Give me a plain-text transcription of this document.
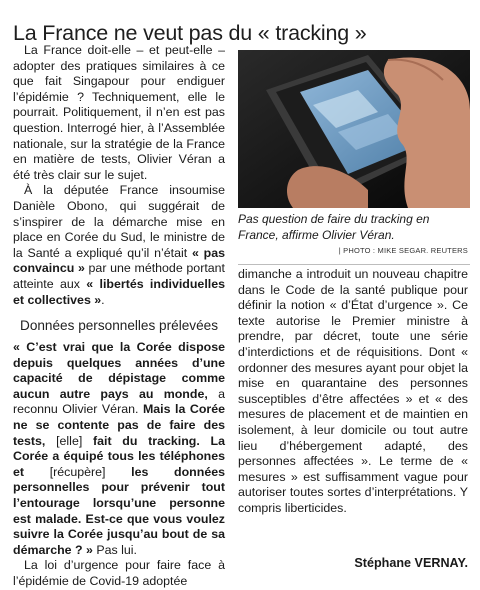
La France ne veut pas du « tracking »

La France doit-elle – et peut-elle – adopter des pratiques similaires à ce que fait Singapour pour endiguer l’épidémie ? Techniquement, elle le pourrait. Politiquement, il n’en est pas question. Interrogé hier, à l’Assemblée nationale, sur la stratégie de la France en matière de tests, Olivier Véran a été très clair sur le sujet.

À la députée France insoumise Danièle Obono, qui suggérait de s’inspirer de la démarche mise en place en Corée du Sud, le ministre de la Santé a expliqué qu’il n’était « pas convaincu » par une méthode portant atteinte aux « libertés individuelles et collectives ».

Données personnelles prélevées

« C’est vrai que la Corée dispose depuis quelques années d’une capacité de dépistage comme aucun autre pays au monde, a reconnu Olivier Véran. Mais la Corée ne se contente pas de faire des tests, [elle] fait du tracking. La Corée a équipé tous les téléphones et [récupère] les données personnelles pour prévenir tout l’entourage lorsqu’une personne est malade. Est-ce que vous voulez suivre la Corée jusqu’au bout de sa démarche ? » Pas lui.

La loi d’urgence pour faire face à l’épidémie de Covid-19 adoptée

Pas question de faire du tracking en France, affirme Olivier Véran.
| PHOTO : MIKE SEGAR. REUTERS

dimanche a introduit un nouveau chapitre dans le Code de la santé publique pour définir la notion « d’État d’urgence ». Ce texte autorise le Premier ministre à prendre, par décret, toute une série d’interdictions et de réquisitions. Dont « ordonner des mesures ayant pour objet la mise en quarantaine des personnes susceptibles d’être affectées » et « des mesures de placement et de maintien en isolement, à leur domicile ou tout autre lieu d’hébergement adapté, des personnes affectées ». Le terme de « mesures » est suffisamment vague pour autoriser toutes sortes d’interprétations. Y compris liberticides.

Stéphane VERNAY.
